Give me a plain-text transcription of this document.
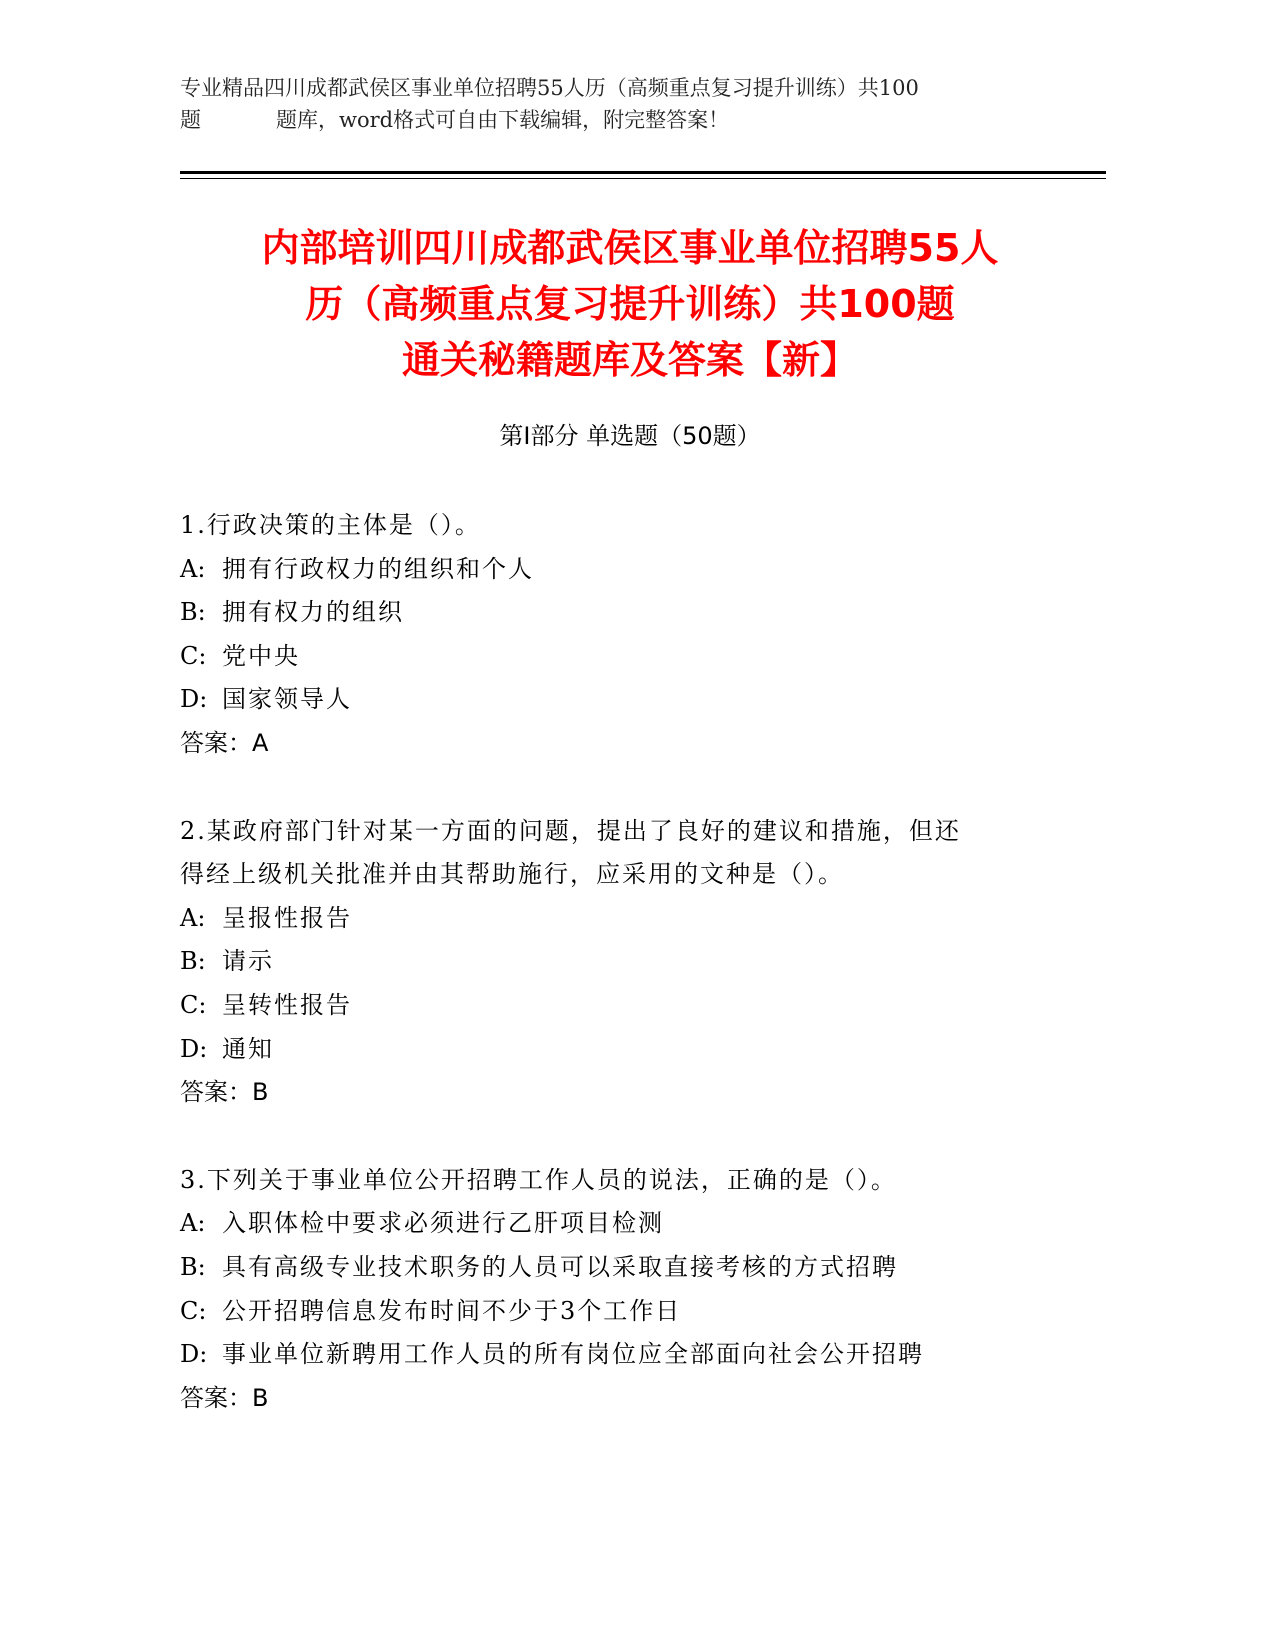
专业精品四川成都武侯区事业单位招聘55人历（高频重点复习提升训练）共100
题	题库，word格式可自由下载编辑，附完整答案！
内部培训四川成都武侯区事业单位招聘55人
历（高频重点复习提升训练）共100题
通关秘籍题库及答案【新】
第Ⅰ部分 单选题（50题）
1.行政决策的主体是（）。
A: 拥有行政权力的组织和个人
B: 拥有权力的组织
C: 党中央
D: 国家领导人
答案：A
2.某政府部门针对某一方面的问题，提出了良好的建议和措施，但还
得经上级机关批准并由其帮助施行，应采用的文种是（）。
A: 呈报性报告
B: 请示
C: 呈转性报告
D: 通知
答案：B
3.下列关于事业单位公开招聘工作人员的说法，正确的是（）。
A: 入职体检中要求必须进行乙肝项目检测
B: 具有高级专业技术职务的人员可以采取直接考核的方式招聘
C: 公开招聘信息发布时间不少于3个工作日
D: 事业单位新聘用工作人员的所有岗位应全部面向社会公开招聘
答案：B
